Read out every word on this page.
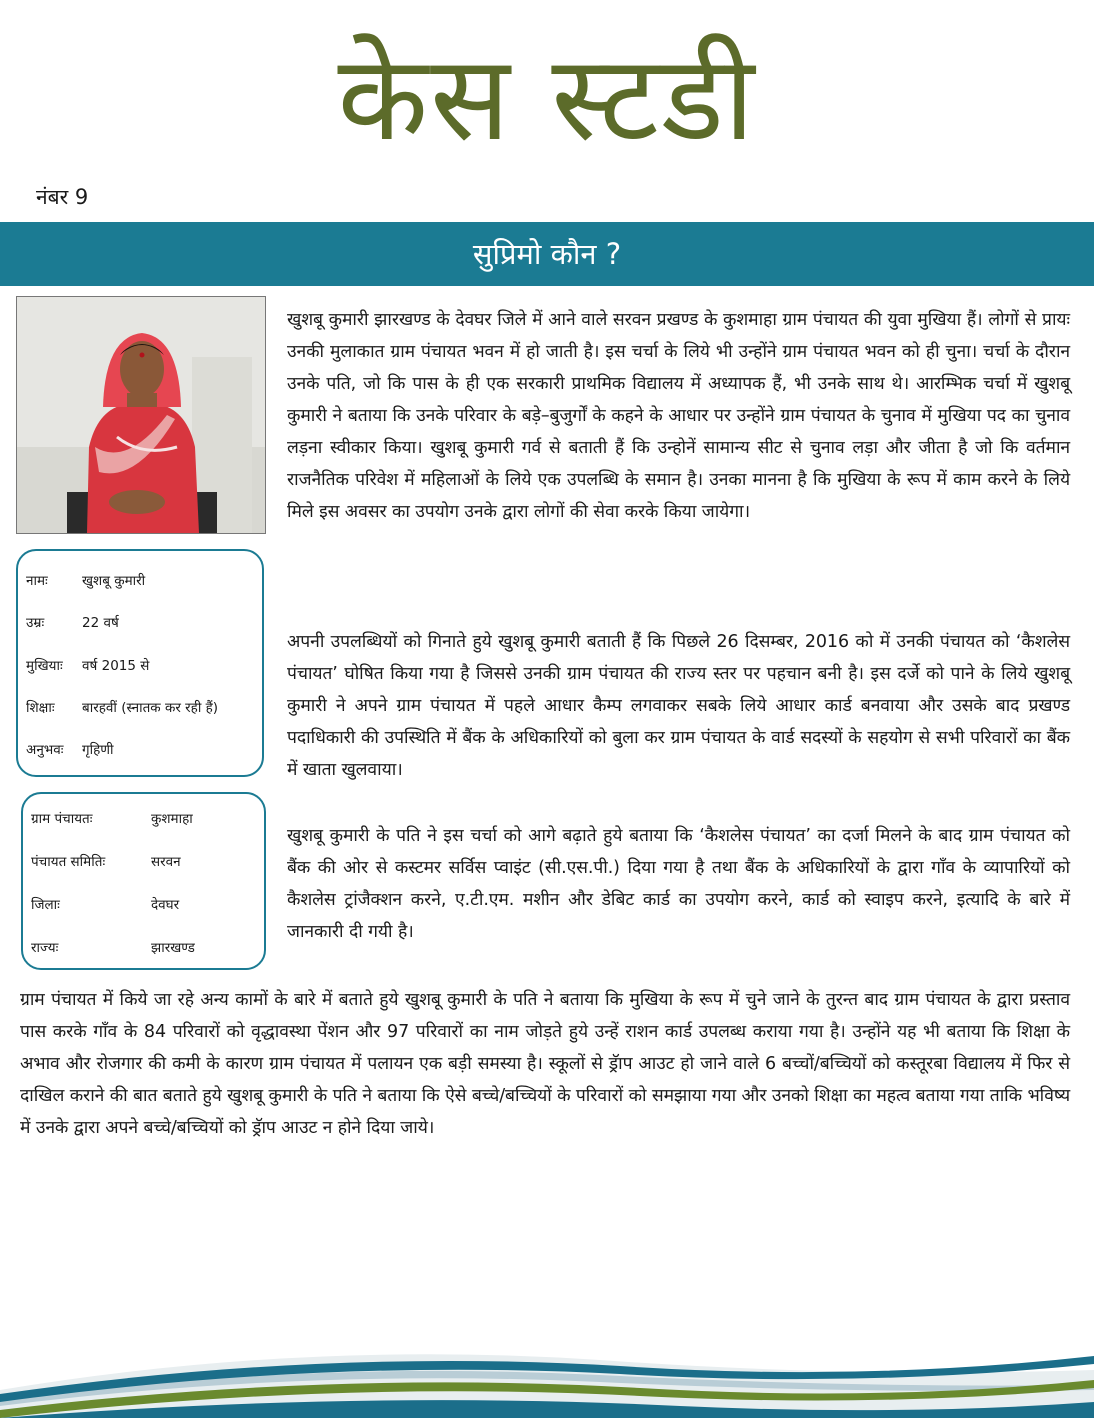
केस स्टडी
नंबर 9
सुप्रिमो कौन ?
नामः	खुशबू कुमारी
उम्रः	22 वर्ष
मुखियाः वर्ष 2015 से
शिक्षाः बारहवीं (स्नातक कर रही हैं)
अनुभवः गृहिणी
ग्राम पंचायतः	कुशमाहा
पंचायत समितिः	सरवन
जिलाः	देवघर
राज्यः	झारखण्ड

खुशबू कुमारी झारखण्ड के देवघर जिले में आने वाले सरवन प्रखण्ड के कुशमाहा ग्राम पंचायत की युवा मुखिया हैं। लोगों से प्रायः उनकी मुलाकात ग्राम पंचायत भवन में हो जाती है। इस चर्चा के लिये भी उन्होंने ग्राम पंचायत भवन को ही चुना। चर्चा के दौरान उनके पति, जो कि पास के ही एक सरकारी प्राथमिक विद्यालय में अध्यापक हैं, भी उनके साथ थे। आरम्भिक चर्चा में खुशबू कुमारी ने बताया कि उनके परिवार के बड़े–बुजुर्गों के कहने के आधार पर उन्होंने ग्राम पंचायत के चुनाव में मुखिया पद का चुनाव लड़ना स्वीकार किया। खुशबू कुमारी गर्व से बताती हैं कि उन्होनें सामान्य सीट से चुनाव लड़ा और जीता है जो कि वर्तमान राजनैतिक परिवेश में महिलाओं के लिये एक उपलब्धि के समान है। उनका मानना है कि मुखिया के रूप में काम करने के लिये मिले इस अवसर का उपयोग उनके द्वारा लोगों की सेवा करके किया जायेगा।

अपनी उपलब्धियों को गिनाते हुये खुशबू कुमारी बताती हैं कि पिछले 26 दिसम्बर, 2016 को में उनकी पंचायत को ‘कैशलेस पंचायत’ घोषित किया गया है जिससे उनकी ग्राम पंचायत की राज्य स्तर पर पहचान बनी है। इस दर्जे को पाने के लिये खुशबू कुमारी ने अपने ग्राम पंचायत में पहले आधार कैम्प लगवाकर सबके लिये आधार कार्ड बनवाया और उसके बाद प्रखण्ड पदाधिकारी की उपस्थिति में बैंक के अधिकारियों को बुला कर ग्राम पंचायत के वार्ड सदस्यों के सहयोग से सभी परिवारों का बैंक में खाता खुलवाया।

खुशबू कुमारी के पति ने इस चर्चा को आगे बढ़ाते हुये बताया कि ‘कैशलेस पंचायत’ का दर्जा मिलने के बाद ग्राम पंचायत को बैंक की ओर से कस्टमर सर्विस प्वाइंट (सी.एस.पी.) दिया गया है तथा बैंक के अधिकारियों के द्वारा गाँव के व्यापारियों को कैशलेस ट्रांजैक्शन करने, ए.टी.एम. मशीन और डेबिट कार्ड का उपयोग करने, कार्ड को स्वाइप करने, इत्यादि के बारे में जानकारी दी गयी है।

ग्राम पंचायत में किये जा रहे अन्य कामों के बारे में बताते हुये खुशबू कुमारी के पति ने बताया कि मुखिया के रूप में चुने जाने के तुरन्त बाद ग्राम पंचायत के द्वारा प्रस्ताव पास करके गाँव के 84 परिवारों को वृद्धावस्था पेंशन और 97 परिवारों का नाम जोड़ते हुये उन्हें राशन कार्ड उपलब्ध कराया गया है। उन्होंने यह भी बताया कि शिक्षा के अभाव और रोजगार की कमी के कारण ग्राम पंचायत में पलायन एक बड़ी समस्या है। स्कूलों से ड्रॅाप आउट हो जाने वाले 6 बच्चों/बच्चियों को कस्तूरबा विद्यालय में फिर से दाखिल कराने की बात बताते हुये खुशबू कुमारी के पति ने बताया कि ऐसे बच्चे/बच्चियों के परिवारों को समझाया गया और उनको शिक्षा का महत्व बताया गया ताकि भविष्य में उनके द्वारा अपने बच्चे/बच्चियों को ड्रॅाप आउट न होने दिया जाये।
